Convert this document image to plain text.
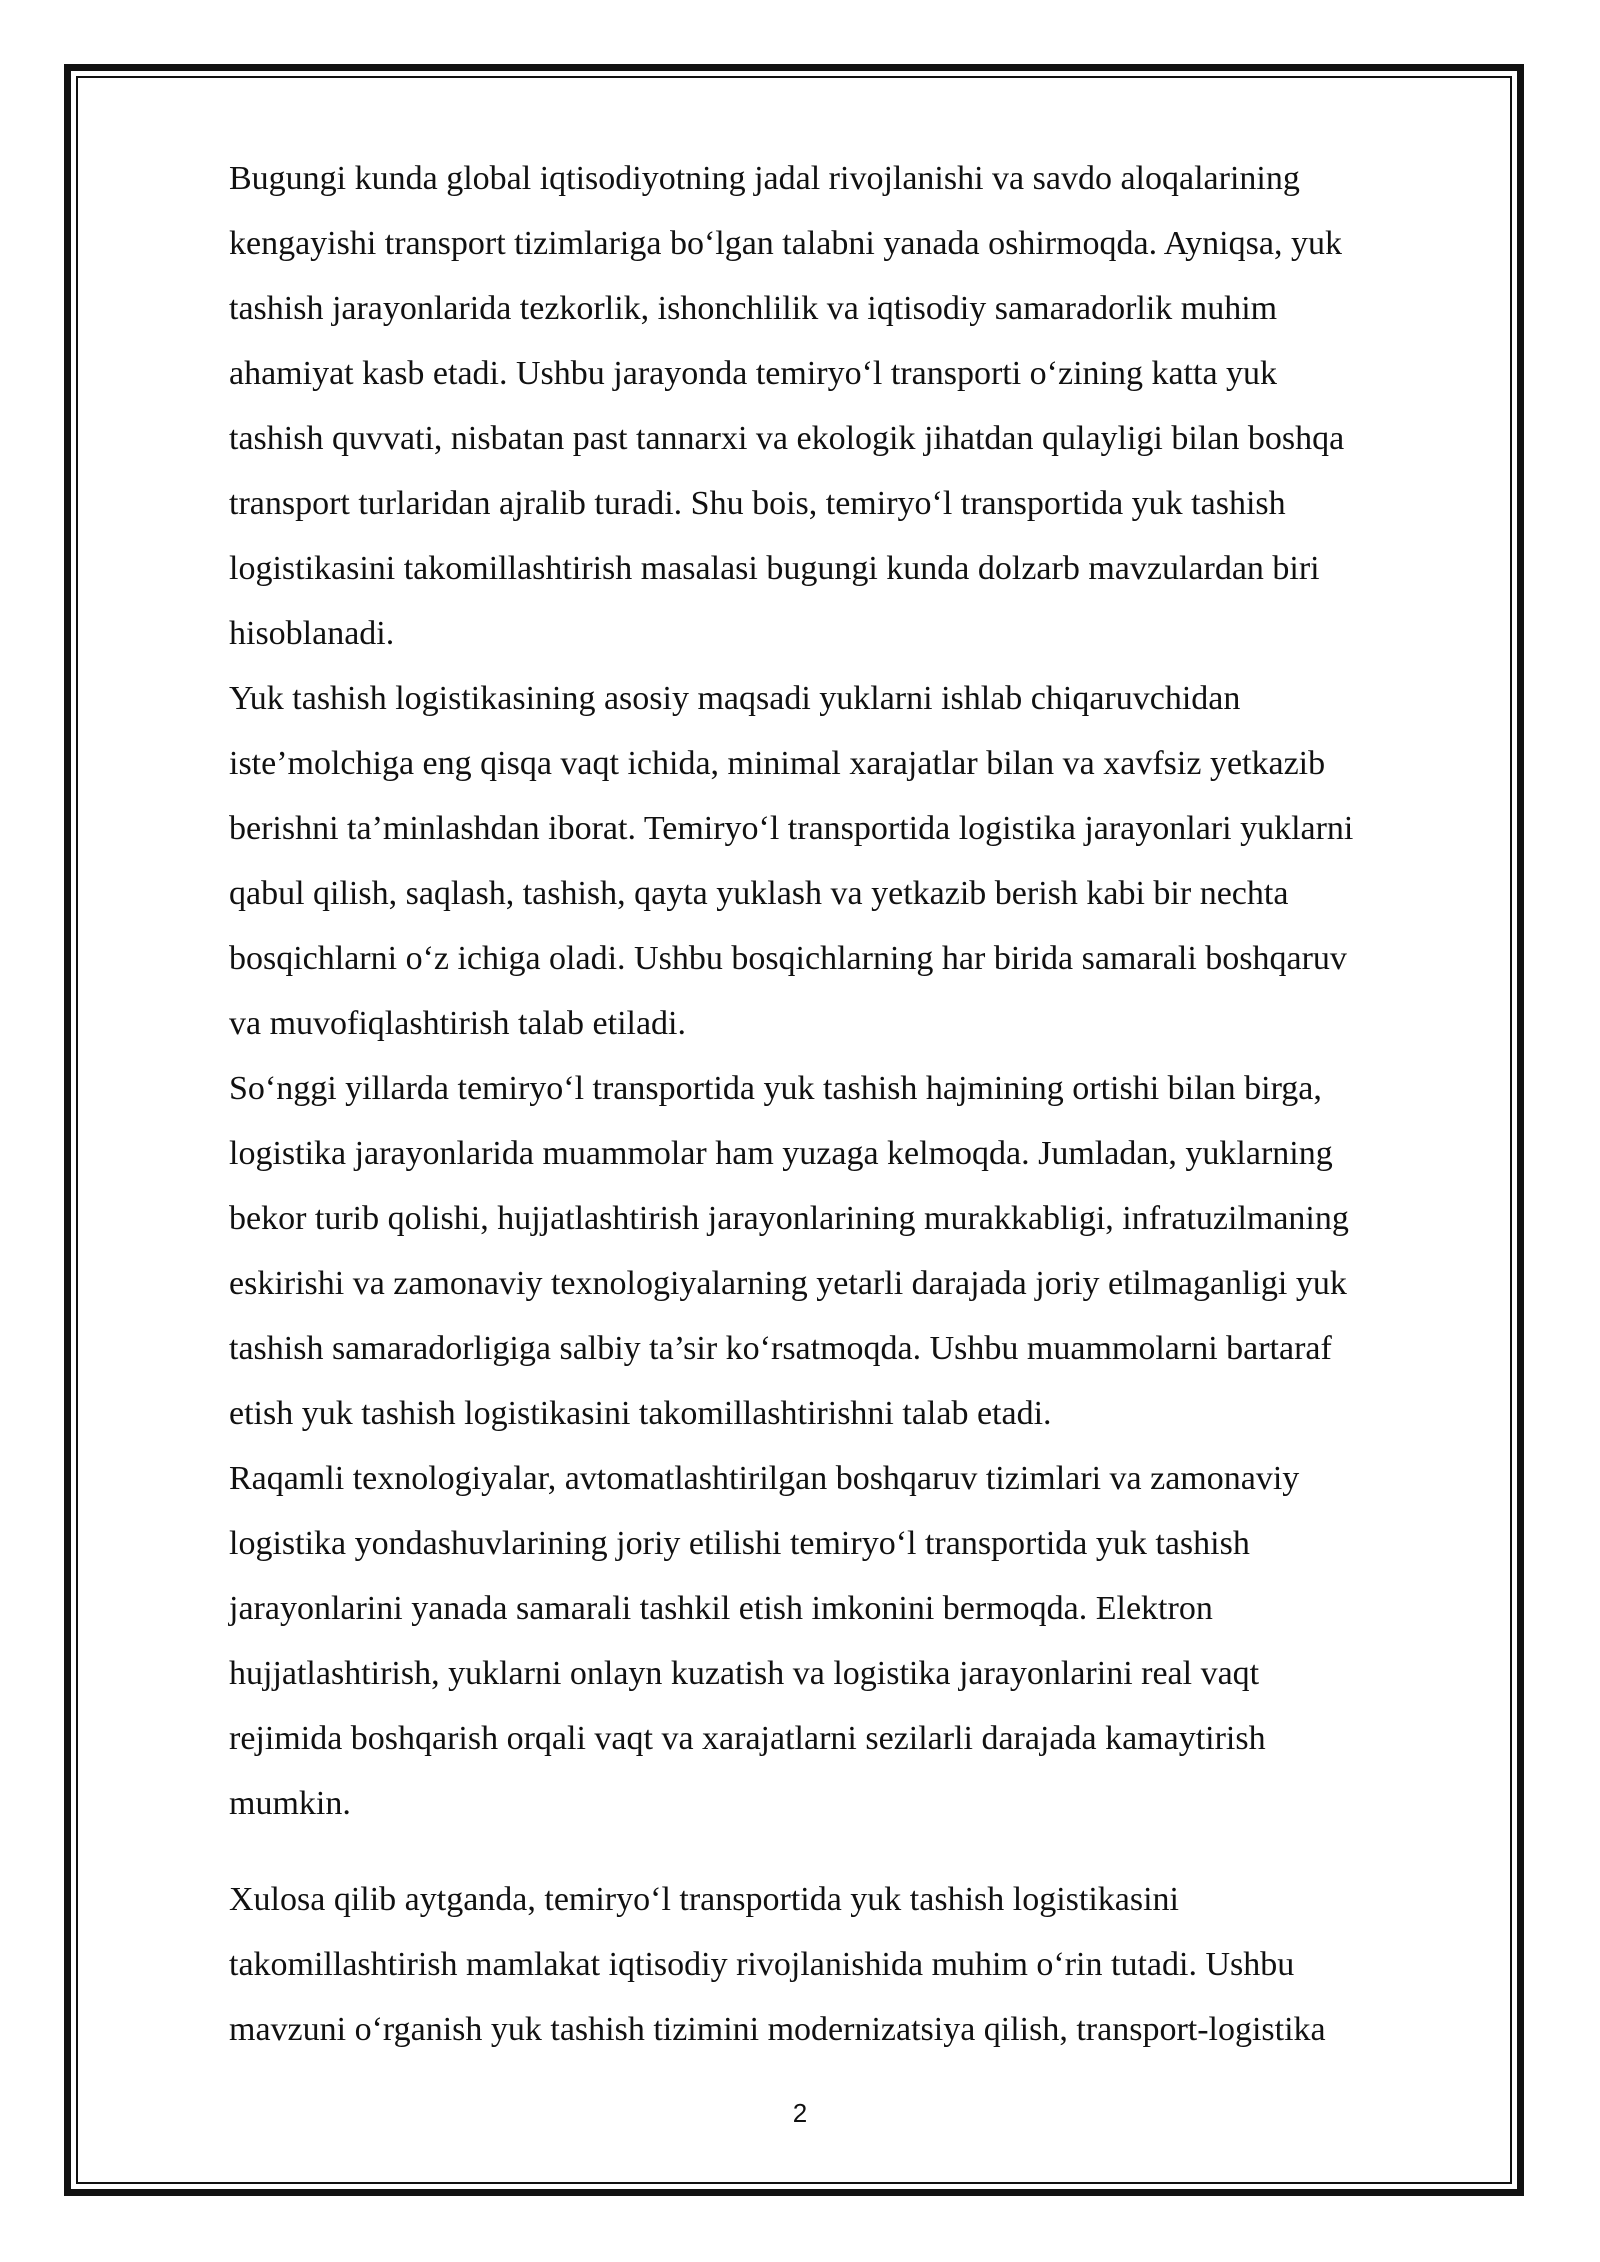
Bugungi kunda global iqtisodiyotning jadal rivojlanishi va savdo aloqalarining
kengayishi transport tizimlariga bo‘lgan talabni yanada oshirmoqda. Ayniqsa, yuk
tashish jarayonlarida tezkorlik, ishonchlilik va iqtisodiy samaradorlik muhim
ahamiyat kasb etadi. Ushbu jarayonda temiryo‘l transporti o‘zining katta yuk
tashish quvvati, nisbatan past tannarxi va ekologik jihatdan qulayligi bilan boshqa
transport turlaridan ajralib turadi. Shu bois, temiryo‘l transportida yuk tashish
logistikasini takomillashtirish masalasi bugungi kunda dolzarb mavzulardan biri
hisoblanadi.
Yuk tashish logistikasining asosiy maqsadi yuklarni ishlab chiqaruvchidan
iste’molchiga eng qisqa vaqt ichida, minimal xarajatlar bilan va xavfsiz yetkazib
berishni ta’minlashdan iborat. Temiryo‘l transportida logistika jarayonlari yuklarni
qabul qilish, saqlash, tashish, qayta yuklash va yetkazib berish kabi bir nechta
bosqichlarni o‘z ichiga oladi. Ushbu bosqichlarning har birida samarali boshqaruv
va muvofiqlashtirish talab etiladi.
So‘nggi yillarda temiryo‘l transportida yuk tashish hajmining ortishi bilan birga,
logistika jarayonlarida muammolar ham yuzaga kelmoqda. Jumladan, yuklarning
bekor turib qolishi, hujjatlashtirish jarayonlarining murakkabligi, infratuzilmaning
eskirishi va zamonaviy texnologiyalarning yetarli darajada joriy etilmaganligi yuk
tashish samaradorligiga salbiy ta’sir ko‘rsatmoqda. Ushbu muammolarni bartaraf
etish yuk tashish logistikasini takomillashtirishni talab etadi.
Raqamli texnologiyalar, avtomatlashtirilgan boshqaruv tizimlari va zamonaviy
logistika yondashuvlarining joriy etilishi temiryo‘l transportida yuk tashish
jarayonlarini yanada samarali tashkil etish imkonini bermoqda. Elektron
hujjatlashtirish, yuklarni onlayn kuzatish va logistika jarayonlarini real vaqt
rejimida boshqarish orqali vaqt va xarajatlarni sezilarli darajada kamaytirish
mumkin.
Xulosa qilib aytganda, temiryo‘l transportida yuk tashish logistikasini
takomillashtirish mamlakat iqtisodiy rivojlanishida muhim o‘rin tutadi. Ushbu
mavzuni o‘rganish yuk tashish tizimini modernizatsiya qilish, transport-logistika
2
